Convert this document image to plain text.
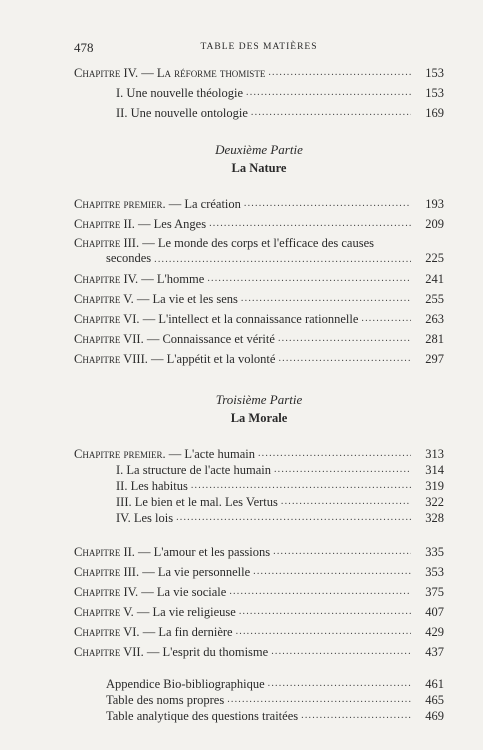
478	TABLE DES MATIÈRES
Chapitre IV. — La réforme thomiste .....	153
I. Une nouvelle théologie .....	153
II. Une nouvelle ontologie .....	169
Deuxième Partie
La Nature
Chapitre premier. — La création .....	193
Chapitre II. — Les Anges .....	209
Chapitre III. — Le monde des corps et l'efficace des causes
secondes .....	225
Chapitre IV. — L'homme .....	241
Chapitre V. — La vie et les sens .....	255
Chapitre VI. — L'intellect et la connaissance rationnelle .....	263
Chapitre VII. — Connaissance et vérité .....	281
Chapitre VIII. — L'appétit et la volonté .....	297
Troisième Partie
La Morale
Chapitre premier. — L'acte humain .....	313
I. La structure de l'acte humain .....	314
II. Les habitus .....	319
III. Le bien et le mal. Les Vertus .....	322
IV. Les lois .....	328
Chapitre II. — L'amour et les passions .....	335
Chapitre III. — La vie personnelle .....	353
Chapitre IV. — La vie sociale .....	375
Chapitre V. — La vie religieuse .....	407
Chapitre VI. — La fin dernière .....	429
Chapitre VII. — L'esprit du thomisme .....	437
Appendice Bio-bibliographique .....	461
Table des noms propres .....	465
Table analytique des questions traitées .....	469
